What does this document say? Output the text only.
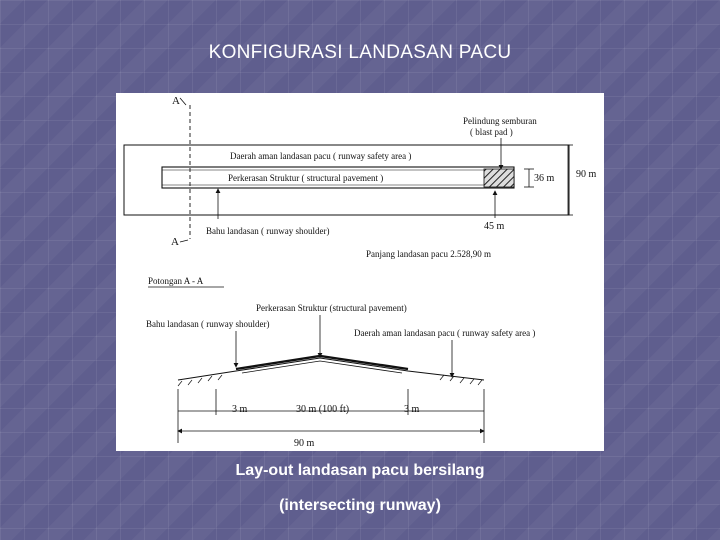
KONFIGURASI LANDASAN PACU
A
Pelindung semburan
( blast pad )
Daerah aman landasan pacu ( runway safety area )
Perkerasan Struktur ( structural pavement )	36 m 90 m
45 m
Bahu landasan ( runway shoulder)
A
Panjang landasan pacu 2.528,90 m
Potongan A - A
Perkerasan Struktur (structural pavement)
Bahu landasan ( runway shoulder)
Daerah aman landasan pacu ( runway safety area )
3 m	30 m (100 ft)	3 m
90 m
Lay-out landasan pacu bersilang
(intersecting runway)
